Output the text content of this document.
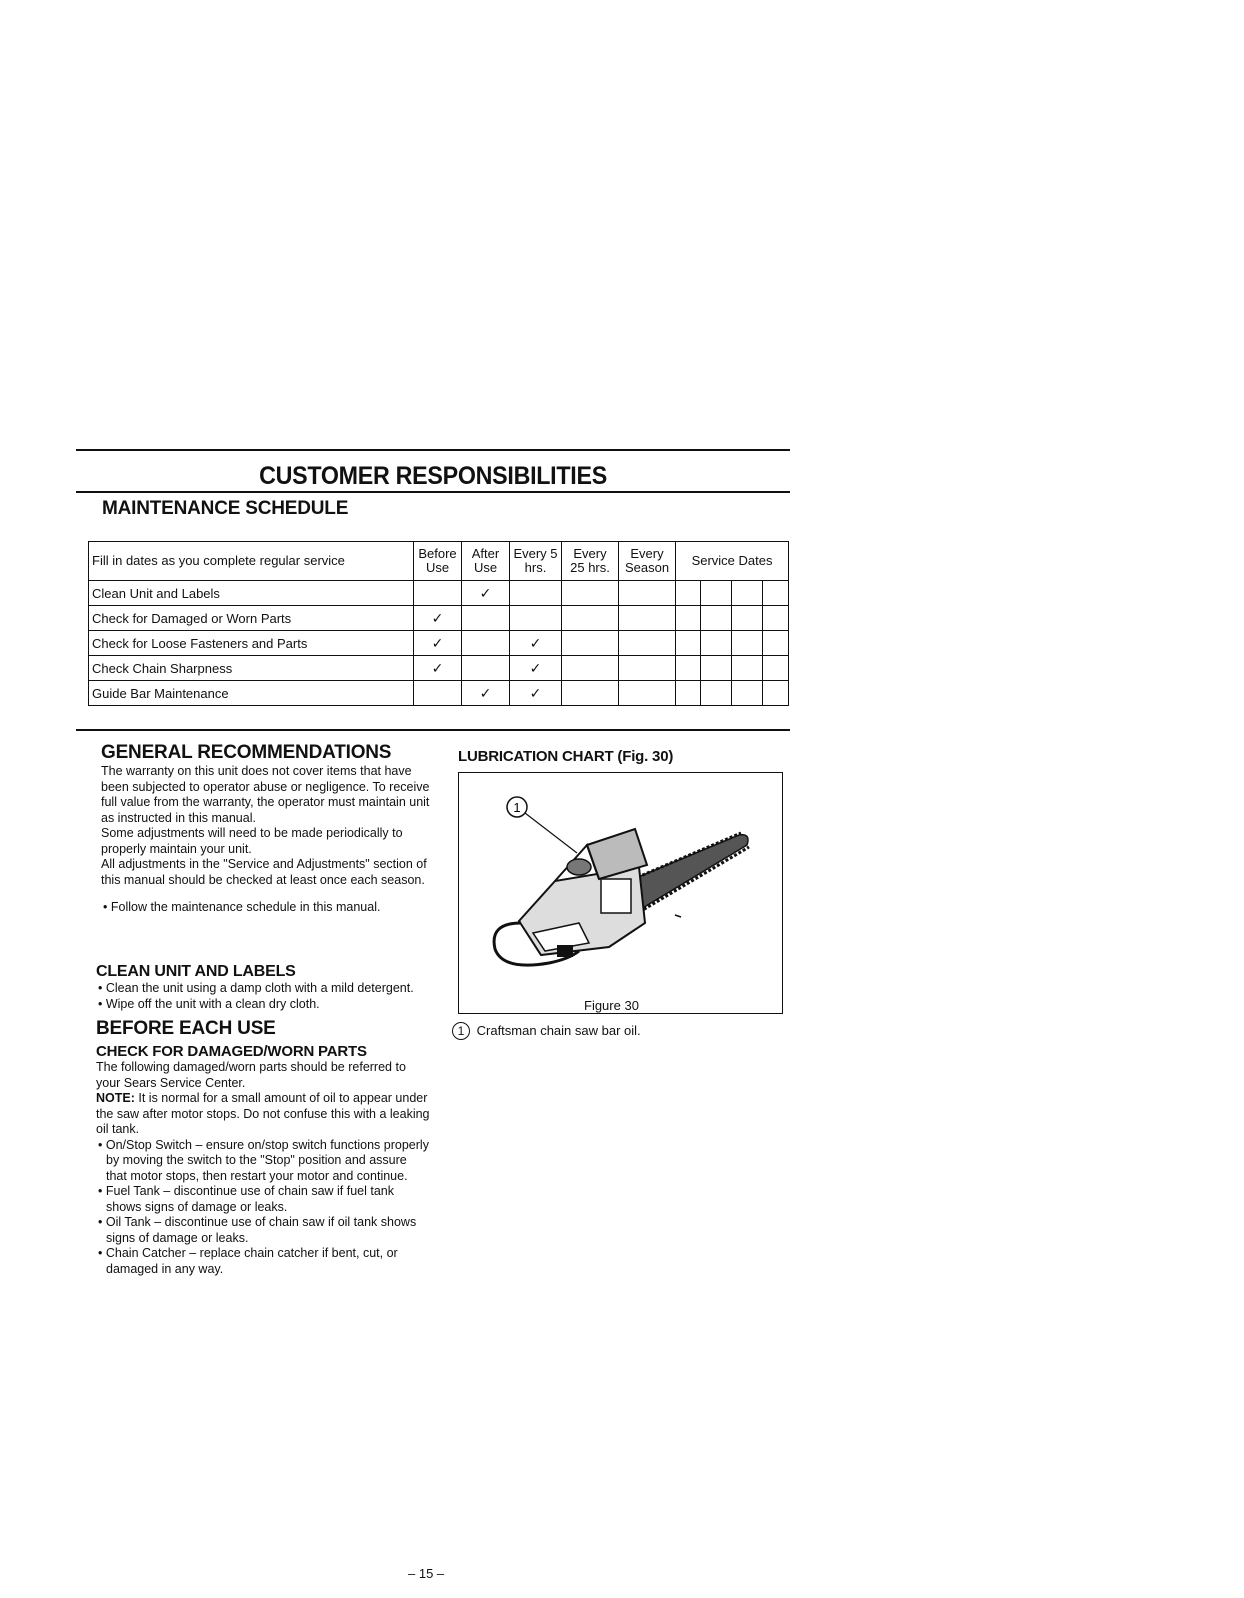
CUSTOMER RESPONSIBILITIES
MAINTENANCE SCHEDULE
Fill in dates as you complete regular service	Before Use	After Use	Every 5 hrs.	Every 25 hrs.	Every Season	Service Dates			
Clean Unit and Labels		✓							
Check for Damaged or Worn Parts	✓								
Check for Loose Fasteners and Parts	✓		✓						
Check Chain Sharpness	✓		✓						
Guide Bar Maintenance		✓	✓						
GENERAL RECOMMENDATIONS

The warranty on this unit does not cover items that have been subjected to operator abuse or negligence. To receive full value from the warranty, the operator must maintain unit as instructed in this manual.

Some adjustments will need to be made periodically to properly maintain your unit.

All adjustments in the "Service and Adjustments" section of this manual should be checked at least once each season.

• Follow the maintenance schedule in this manual.
CLEAN UNIT AND LABELS
• Clean the unit using a damp cloth with a mild detergent.
• Wipe off the unit with a clean dry cloth.
BEFORE EACH USE
CHECK FOR DAMAGED/WORN PARTS

The following damaged/worn parts should be referred to your Sears Service Center.

NOTE: It is normal for a small amount of oil to appear under the saw after motor stops. Do not confuse this with a leaking oil tank.

• On/Stop Switch – ensure on/stop switch functions properly by moving the switch to the "Stop" position and assure that motor stops, then restart your motor and continue.
• Fuel Tank – discontinue use of chain saw if fuel tank shows signs of damage or leaks.
• Oil Tank – discontinue use of chain saw if oil tank shows signs of damage or leaks.
• Chain Catcher – replace chain catcher if bent, cut, or damaged in any way.
LUBRICATION CHART (Fig. 30)
1
Figure 30
1 Craftsman chain saw bar oil.
– 15 –
